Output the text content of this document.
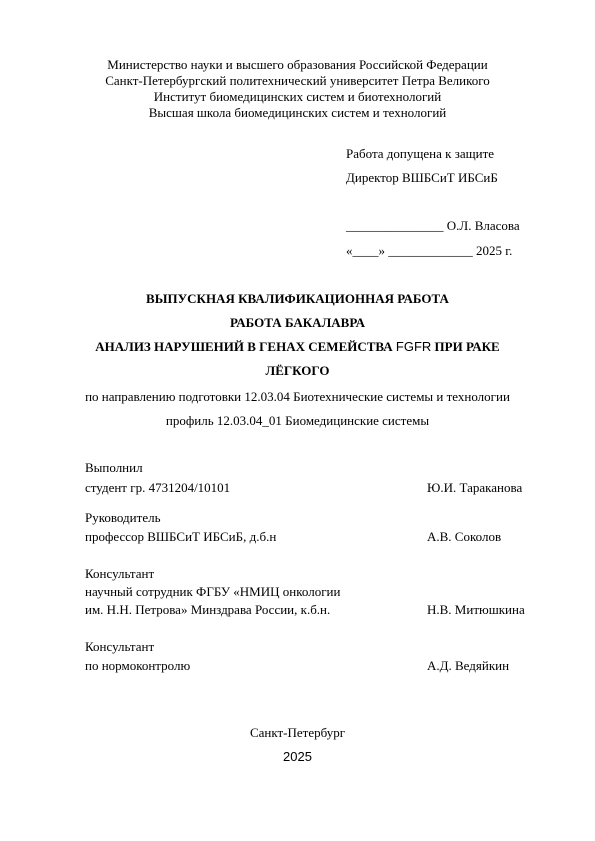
Министерство науки и высшего образования Российской Федерации
Санкт-Петербургский политехнический университет Петра Великого
Институт биомедицинских систем и биотехнологий
Высшая школа биомедицинских систем и технологий
Работа допущена к защите
Директор ВШБСиТ ИБСиБ
_______________ О.Л. Власова
«____» _____________ 2025 г.
ВЫПУСКНАЯ КВАЛИФИКАЦИОННАЯ РАБОТА
РАБОТА БАКАЛАВРА
АНАЛИЗ НАРУШЕНИЙ В ГЕНАХ СЕМЕЙСТВА FGFR ПРИ РАКЕ
ЛЁГКОГО
по направлению подготовки 12.03.04 Биотехнические системы и технологии
профиль 12.03.04_01 Биомедицинские системы
Выполнил
студент гр. 4731204/10101	Ю.И. Тараканова
Руководитель
профессор ВШБСиТ ИБСиБ, д.б.н	А.В. Соколов
Консультант
научный сотрудник ФГБУ «НМИЦ онкологии
им. Н.Н. Петрова» Минздрава России, к.б.н.	Н.В. Митюшкина
Консультант
по нормоконтролю	А.Д. Ведяйкин
Санкт-Петербург
2025
